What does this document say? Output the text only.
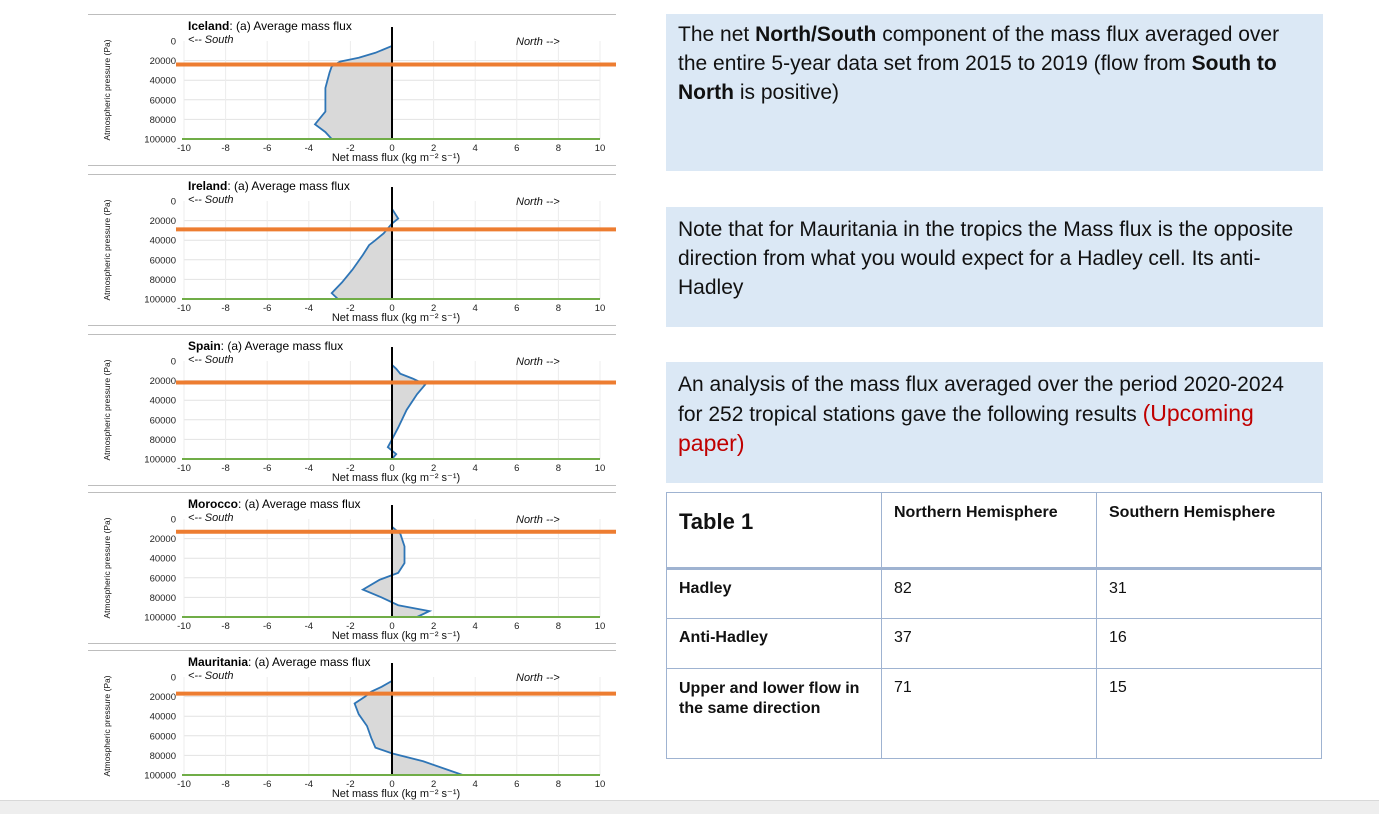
0
20000
40000
60000
80000
100000
-10	-8	-6	-4	-2	0	2	4	6	8	10
Net mass flux (kg m⁻² s⁻¹)
Atmospheric pressure (Pa)
Iceland: (a) Average mass flux
<-- South	North -->
0
20000
40000
60000
80000
100000
-10	-8	-6	-4	-2	0	2	4	6	8	10
Net mass flux (kg m⁻² s⁻¹)
Atmospheric pressure (Pa)
Ireland: (a) Average mass flux
<-- South	North -->
0
20000
40000
60000
80000
100000
-10	-8	-6	-4	-2	0	2	4	6	8	10
Net mass flux (kg m⁻² s⁻¹)
Atmospheric pressure (Pa)
Spain: (a) Average mass flux
<-- South	North -->
0
20000
40000
60000
80000
100000
-10	-8	-6	-4	-2	0	2	4	6	8	10
Net mass flux (kg m⁻² s⁻¹)
Atmospheric pressure (Pa)
Morocco: (a) Average mass flux
<-- South	North -->
0
20000
40000
60000
80000
100000
-10	-8	-6	-4	-2	0	2	4	6	8	10
Net mass flux (kg m⁻² s⁻¹)
Atmospheric pressure (Pa)
Mauritania: (a) Average mass flux
<-- South	North -->
The net North/South component of the mass flux averaged over the entire 5-year data set from 2015 to 2019 (flow from South to North is positive)
Note that for Mauritania in the tropics the Mass flux is the opposite direction from what you would expect for a Hadley cell. Its anti-Hadley
An analysis of the mass flux averaged over the period 2020-2024 for 252 tropical stations gave the following results (Upcoming paper)
Table 1	Northern Hemisphere	Southern Hemisphere

Hadley	82	31
Anti-Hadley	37	16
Upper and lower flow in the same direction	71	15
